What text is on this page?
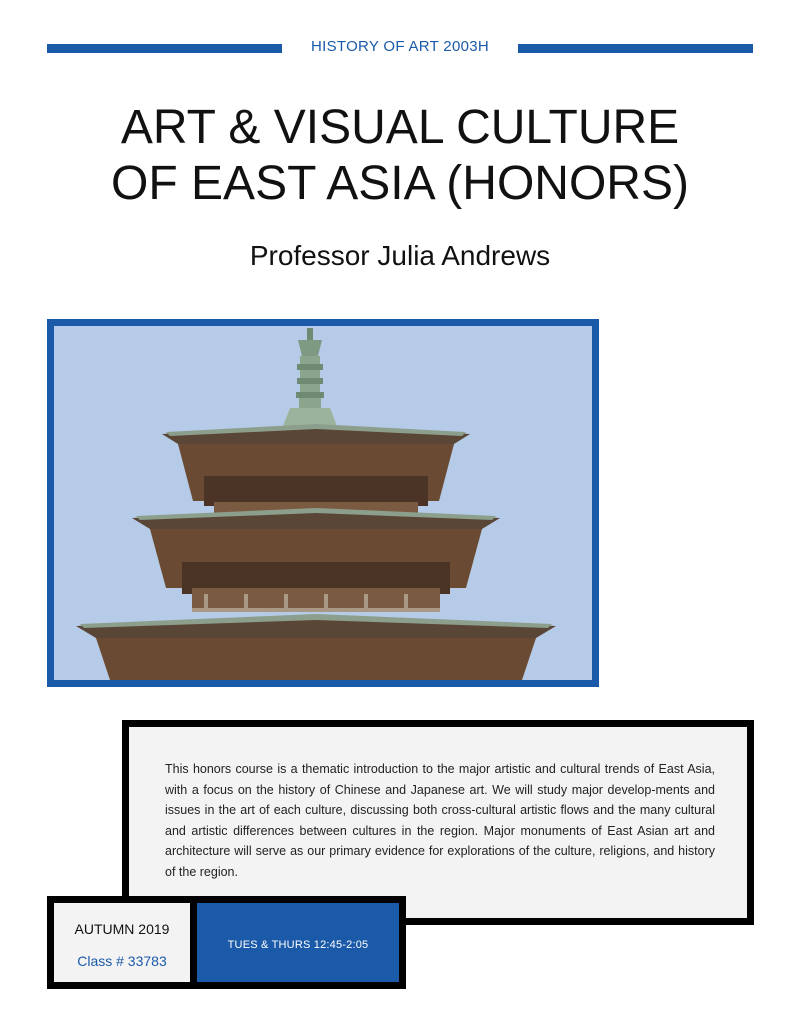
HISTORY OF ART 2003H
ART & VISUAL CULTURE
OF EAST ASIA (HONORS)
Professor Julia Andrews

This honors course is a thematic introduction to the major artistic and cultural trends of East Asia, with a focus on the history of Chinese and Japanese art. We will study major develop-ments and issues in the art of each culture, discussing both cross-cultural artistic flows and the many cultural and artistic differences between cultures in the region. Major monuments of East Asian art and architecture will serve as our primary evidence for explorations of the culture, religions, and history of the region.

AUTUMN 2019
Class # 33783
TUES & THURS 12:45-2:05
